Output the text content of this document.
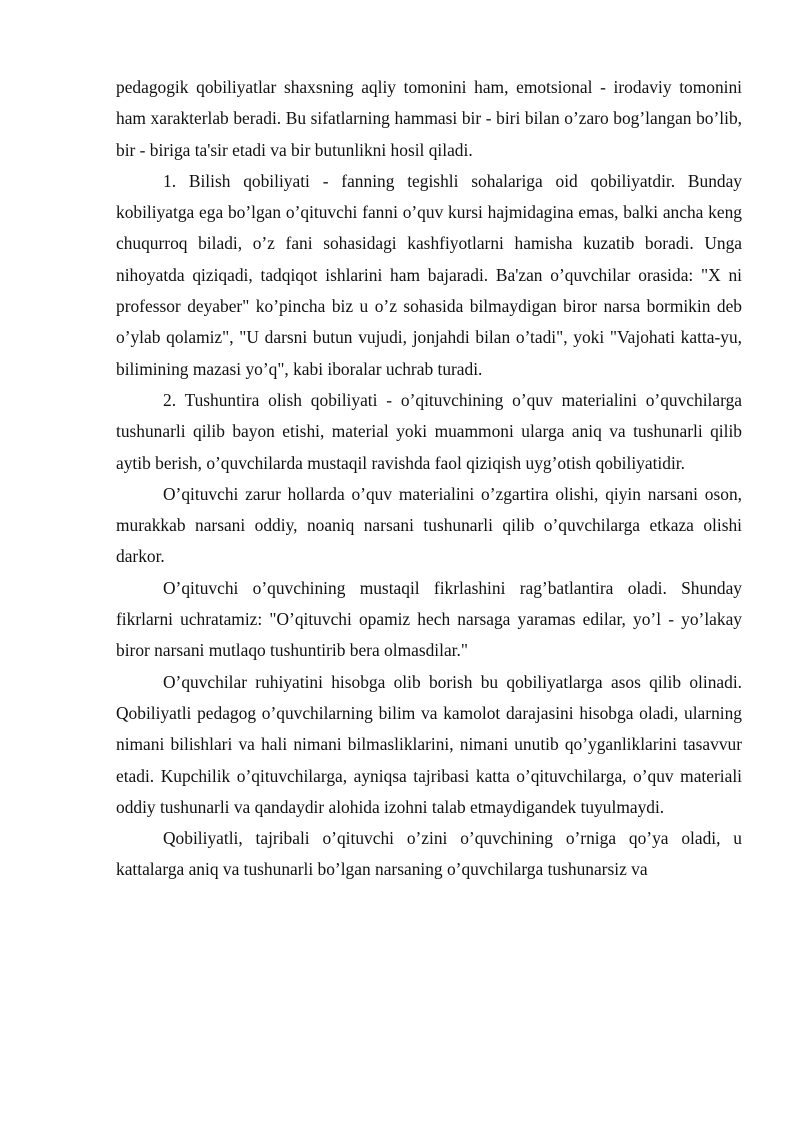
pedagogik qobiliyatlar shaxsning aqliy tomonini ham, emotsional - irodaviy tomonini ham xarakterlab beradi. Bu sifatlarning hammasi bir - biri bilan o’zaro bog’langan bo’lib, bir - biriga ta'sir etadi va bir butunlikni hosil qiladi.

1. Bilish qobiliyati - fanning tegishli sohalariga oid qobiliyatdir. Bunday kobiliyatga ega bo’lgan o’qituvchi fanni o’quv kursi hajmidagina emas, balki ancha keng chuqurroq biladi, o’z fani sohasidagi kashfiyotlarni hamisha kuzatib boradi. Unga nihoyatda qiziqadi, tadqiqot ishlarini ham bajaradi. Ba'zan o’quvchilar orasida: "X ni professor deyaber" ko’pincha biz u o’z sohasida bilmaydigan biror narsa bormikin deb o’ylab qolamiz", "U darsni butun vujudi, jonjahdi bilan o’tadi", yoki "Vajohati katta-yu, bilimining mazasi yo’q", kabi iboralar uchrab turadi.

2. Tushuntira olish qobiliyati - o’qituvchining o’quv materialini o’quvchilarga tushunarli qilib bayon etishi, material yoki muammoni ularga aniq va tushunarli qilib aytib berish, o’quvchilarda mustaqil ravishda faol qiziqish uyg’otish qobiliyatidir.

O’qituvchi zarur hollarda o’quv materialini o’zgartira olishi, qiyin narsani oson, murakkab narsani oddiy, noaniq narsani tushunarli qilib o’quvchilarga etkaza olishi darkor.

O’qituvchi o’quvchining mustaqil fikrlashini rag’batlantira oladi. Shunday fikrlarni uchratamiz: "O’qituvchi opamiz hech narsaga yaramas edilar, yo’l - yo’lakay biror narsani mutlaqo tushuntirib bera olmasdilar."

O’quvchilar ruhiyatini hisobga olib borish bu qobiliyatlarga asos qilib olinadi. Qobiliyatli pedagog o’quvchilarning bilim va kamolot darajasini hisobga oladi, ularning nimani bilishlari va hali nimani bilmasliklarini, nimani unutib qo’yganliklarini tasavvur etadi. Kupchilik o’qituvchilarga, ayniqsa tajribasi katta o’qituvchilarga, o’quv materiali oddiy tushunarli va qandaydir alohida izohni talab etmaydigandek tuyulmaydi.

Qobiliyatli, tajribali o’qituvchi o’zini o’quvchining o’rniga qo’ya oladi, u kattalarga aniq va tushunarli bo’lgan narsaning o’quvchilarga tushunarsiz va
